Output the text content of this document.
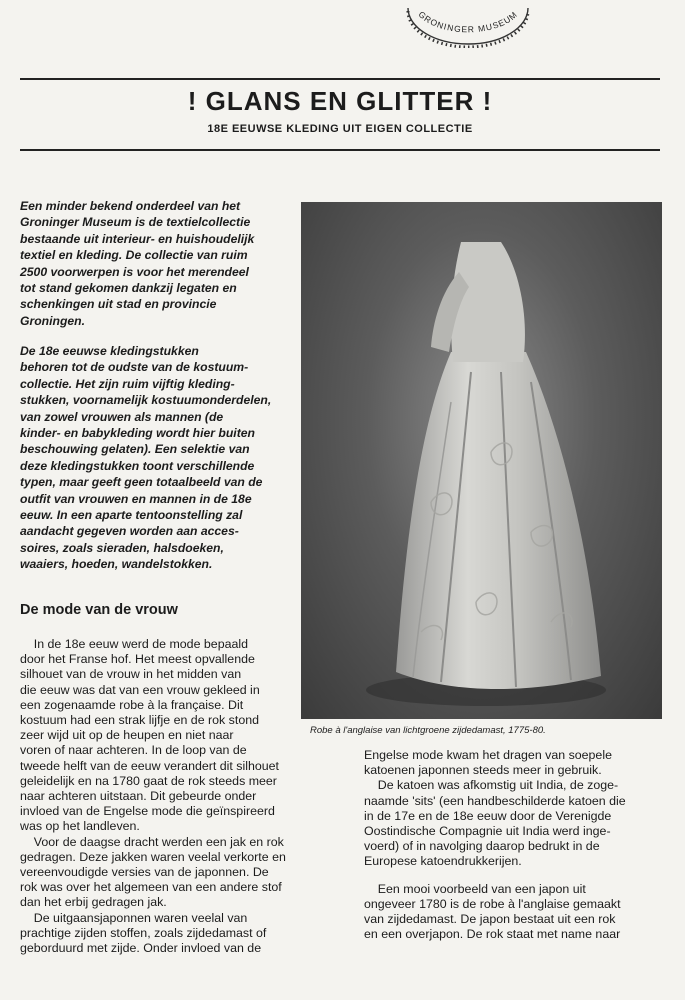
GRONINGER MUSEUM
! GLANS EN GLITTER !

18E EEUWSE KLEDING UIT EIGEN COLLECTIE

Een minder bekend onderdeel van het
Groninger Museum is de textielcollectie
bestaande uit interieur- en huishoudelijk
textiel en kleding. De collectie van ruim
2500 voorwerpen is voor het merendeel
tot stand gekomen dankzij legaten en
schenkingen uit stad en provincie
Groningen.

De 18e eeuwse kledingstukken
behoren tot de oudste van de kostuum-
collectie. Het zijn ruim vijftig kleding-
stukken, voornamelijk kostuumonderdelen,
van zowel vrouwen als mannen (de
kinder- en babykleding wordt hier buiten
beschouwing gelaten). Een selektie van
deze kledingstukken toont verschillende
typen, maar geeft geen totaalbeeld van de
outfit van vrouwen en mannen in de 18e
eeuw. In een aparte tentoonstelling zal
aandacht gegeven worden aan acces-
soires, zoals sieraden, halsdoeken,
waaiers, hoeden, wandelstokken.

De mode van de vrouw

In de 18e eeuw werd de mode bepaald
door het Franse hof. Het meest opvallende
silhouet van de vrouw in het midden van
die eeuw was dat van een vrouw gekleed in
een zogenaamde robe à la française. Dit
kostuum had een strak lijfje en de rok stond
zeer wijd uit op de heupen en niet naar
voren of naar achteren. In de loop van de
tweede helft van de eeuw verandert dit silhouet
geleidelijk en na 1780 gaat de rok steeds meer
naar achteren uitstaan. Dit gebeurde onder
invloed van de Engelse mode die geïnspireerd
was op het landleven.
Voor de daagse dracht werden een jak en rok
gedragen. Deze jakken waren veelal verkorte en
vereenvoudigde versies van de japonnen. De
rok was over het algemeen van een andere stof
dan het erbij gedragen jak.
De uitgaansjaponnen waren veelal van
prachtige zijden stoffen, zoals zijdedamast of
geborduurd met zijde. Onder invloed van de

Robe à l'anglaise van lichtgroene zijdedamast, 1775-80.

Engelse mode kwam het dragen van soepele
katoenen japonnen steeds meer in gebruik.
De katoen was afkomstig uit India, de zoge-
naamde 'sits' (een handbeschilderde katoen die
in de 17e en de 18e eeuw door de Verenigde
Oostindische Compagnie uit India werd inge-
voerd) of in navolging daarop bedrukt in de
Europese katoendrukkerijen.
Een mooi voorbeeld van een japon uit
ongeveer 1780 is de robe à l'anglaise gemaakt
van zijdedamast. De japon bestaat uit een rok
en een overjapon. De rok staat met name naar
